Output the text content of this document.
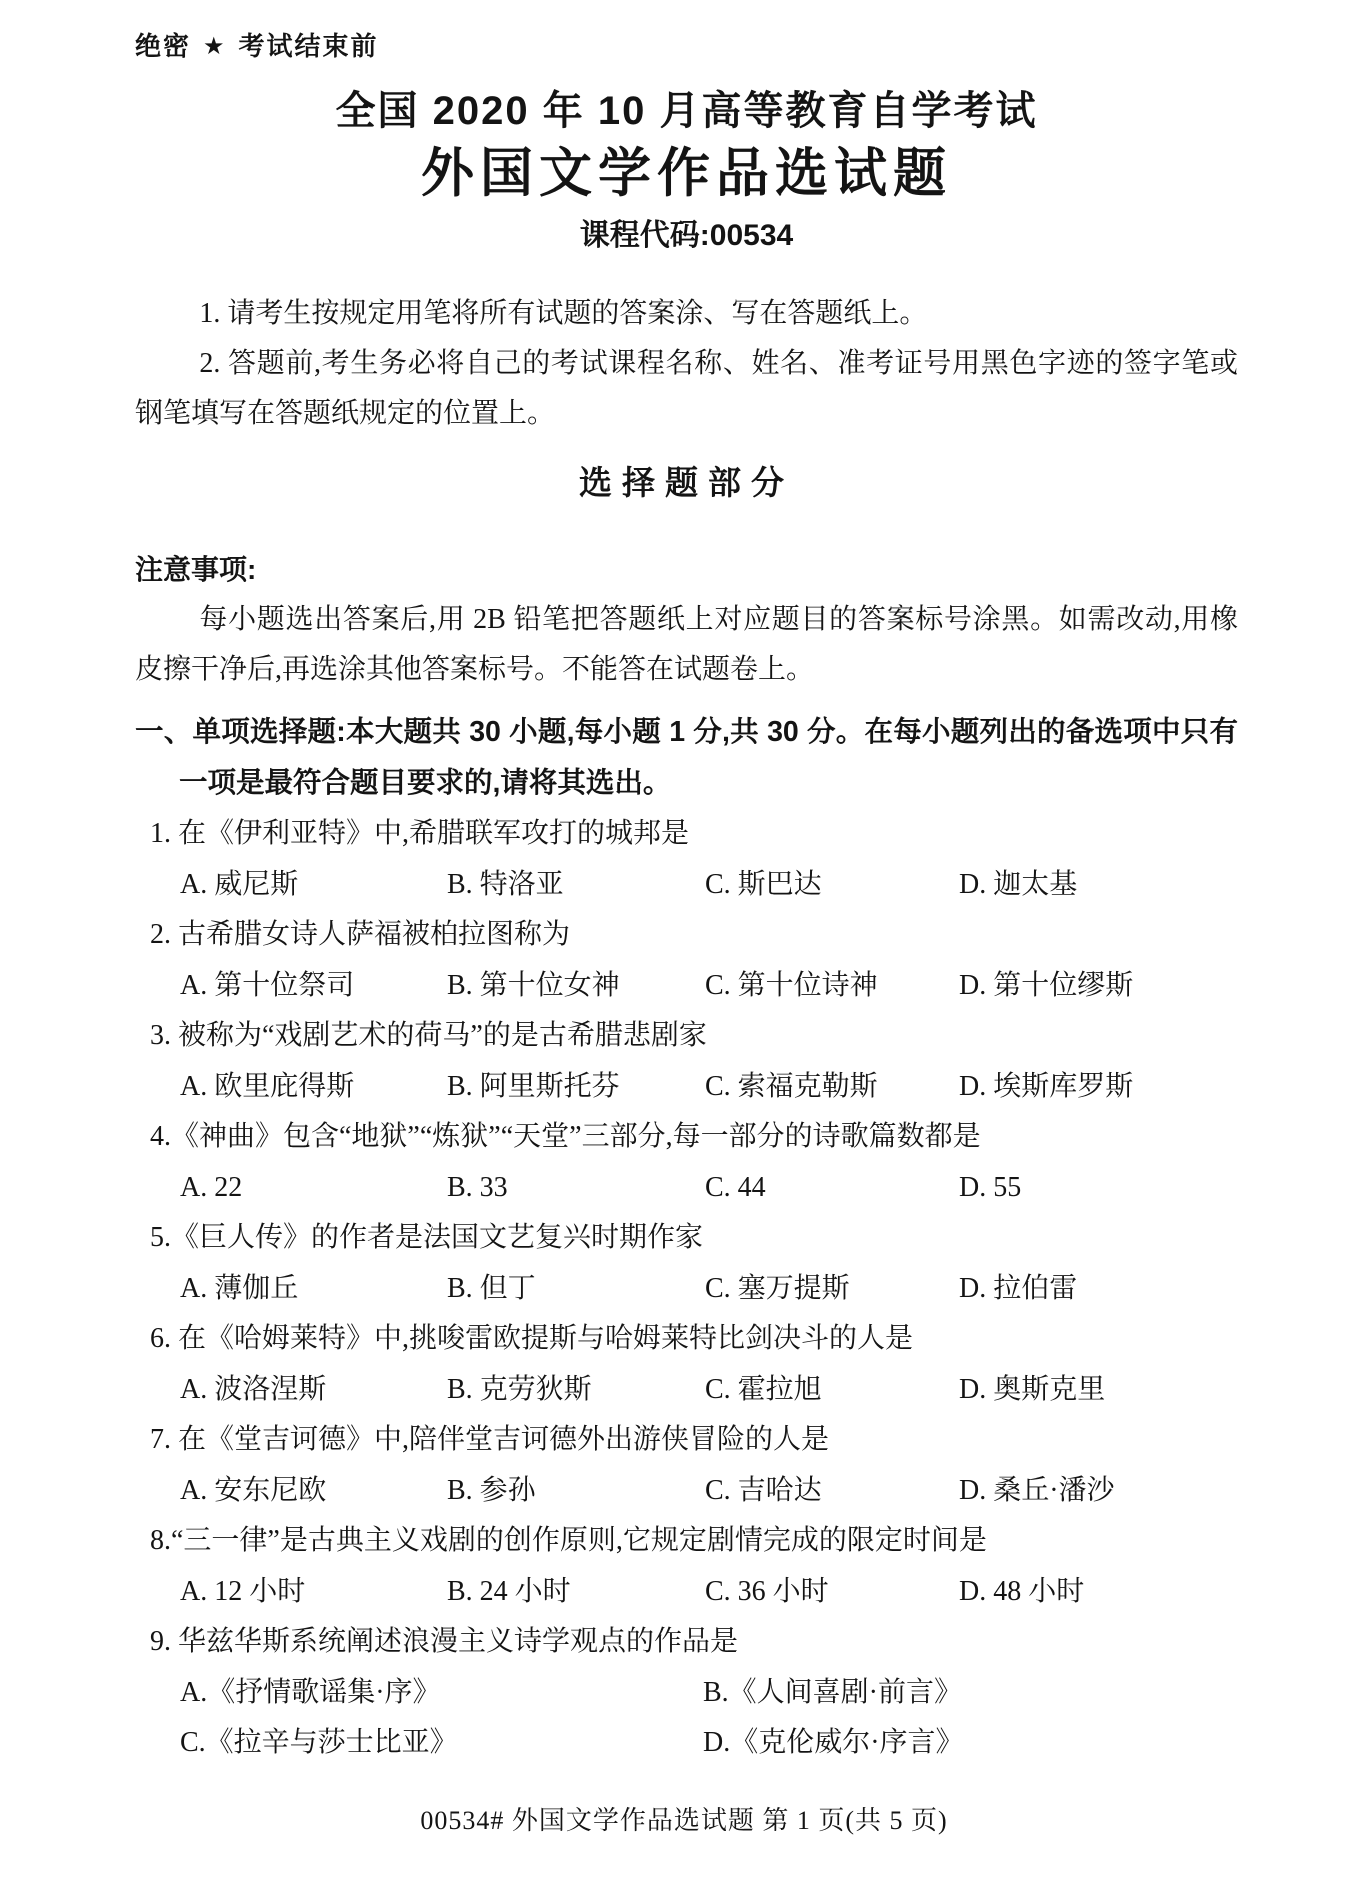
绝密 ★ 考试结束前
全国 2020 年 10 月高等教育自学考试
外国文学作品选试题
课程代码:00534

1. 请考生按规定用笔将所有试题的答案涂、写在答题纸上。

2. 答题前,考生务必将自己的考试课程名称、姓名、准考证号用黑色字迹的签字笔或钢笔填写在答题纸规定的位置上。

选择题部分
注意事项:

每小题选出答案后,用 2B 铅笔把答题纸上对应题目的答案标号涂黑。如需改动,用橡皮擦干净后,再选涂其他答案标号。不能答在试题卷上。

一、单项选择题:本大题共 30 小题,每小题 1 分,共 30 分。在每小题列出的备选项中只有一项是最符合题目要求的,请将其选出。
1. 在《伊利亚特》中,希腊联军攻打的城邦是
A. 威尼斯	B. 特洛亚	C. 斯巴达	D. 迦太基
2. 古希腊女诗人萨福被柏拉图称为
A. 第十位祭司	B. 第十位女神	C. 第十位诗神	D. 第十位缪斯
3. 被称为“戏剧艺术的荷马”的是古希腊悲剧家
A. 欧里庇得斯	B. 阿里斯托芬	C. 索福克勒斯	D. 埃斯库罗斯
4.《神曲》包含“地狱”“炼狱”“天堂”三部分,每一部分的诗歌篇数都是
A. 22	B. 33	C. 44	D. 55
5.《巨人传》的作者是法国文艺复兴时期作家
A. 薄伽丘	B. 但丁	C. 塞万提斯	D. 拉伯雷
6. 在《哈姆莱特》中,挑唆雷欧提斯与哈姆莱特比剑决斗的人是
A. 波洛涅斯	B. 克劳狄斯	C. 霍拉旭	D. 奥斯克里
7. 在《堂吉诃德》中,陪伴堂吉诃德外出游侠冒险的人是
A. 安东尼欧	B. 参孙	C. 吉哈达	D. 桑丘·潘沙
8.“三一律”是古典主义戏剧的创作原则,它规定剧情完成的限定时间是
A. 12 小时	B. 24 小时	C. 36 小时	D. 48 小时
9. 华兹华斯系统阐述浪漫主义诗学观点的作品是
A.《抒情歌谣集·序》	B.《人间喜剧·前言》
C.《拉辛与莎士比亚》	D.《克伦威尔·序言》
00534# 外国文学作品选试题 第 1 页(共 5 页)
